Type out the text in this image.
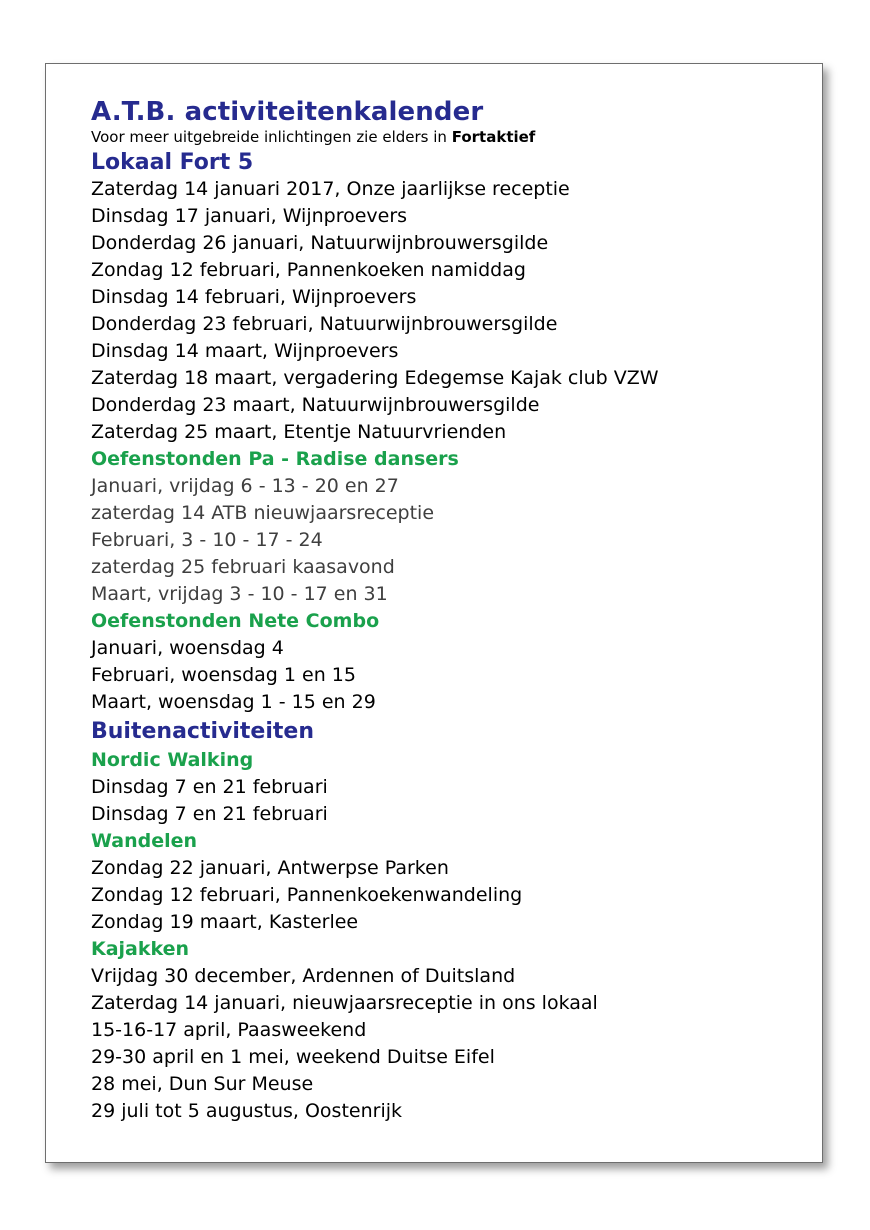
A.T.B. activiteitenkalender

Voor meer uitgebreide inlichtingen zie elders in Fortaktief

Lokaal Fort 5
Zaterdag 14 januari 2017, Onze jaarlijkse receptie
Dinsdag 17 januari, Wijnproevers
Donderdag 26 januari, Natuurwijnbrouwersgilde
Zondag 12 februari, Pannenkoeken namiddag
Dinsdag 14 februari, Wijnproevers
Donderdag 23 februari, Natuurwijnbrouwersgilde
Dinsdag 14 maart, Wijnproevers
Zaterdag 18 maart, vergadering Edegemse Kajak club VZW
Donderdag 23 maart, Natuurwijnbrouwersgilde
Zaterdag 25 maart, Etentje Natuurvrienden
Oefenstonden Pa - Radise dansers
Januari, vrijdag 6 - 13 - 20 en 27
zaterdag 14 ATB nieuwjaarsreceptie
Februari, 3 - 10 - 17 - 24
zaterdag 25 februari kaasavond
Maart, vrijdag 3 - 10 - 17 en 31
Oefenstonden Nete Combo
Januari, woensdag 4
Februari, woensdag 1 en 15
Maart, woensdag 1 - 15 en 29
Buitenactiviteiten
Nordic Walking
Dinsdag 7 en 21 februari
Dinsdag 7 en 21 februari
Wandelen
Zondag 22 januari, Antwerpse Parken
Zondag 12 februari, Pannenkoekenwandeling
Zondag 19 maart, Kasterlee
Kajakken
Vrijdag 30 december, Ardennen of Duitsland
Zaterdag 14 januari, nieuwjaarsreceptie in ons lokaal
15-16-17 april, Paasweekend
29-30 april en 1 mei, weekend Duitse Eifel
28 mei, Dun Sur Meuse
29 juli tot 5 augustus, Oostenrijk
